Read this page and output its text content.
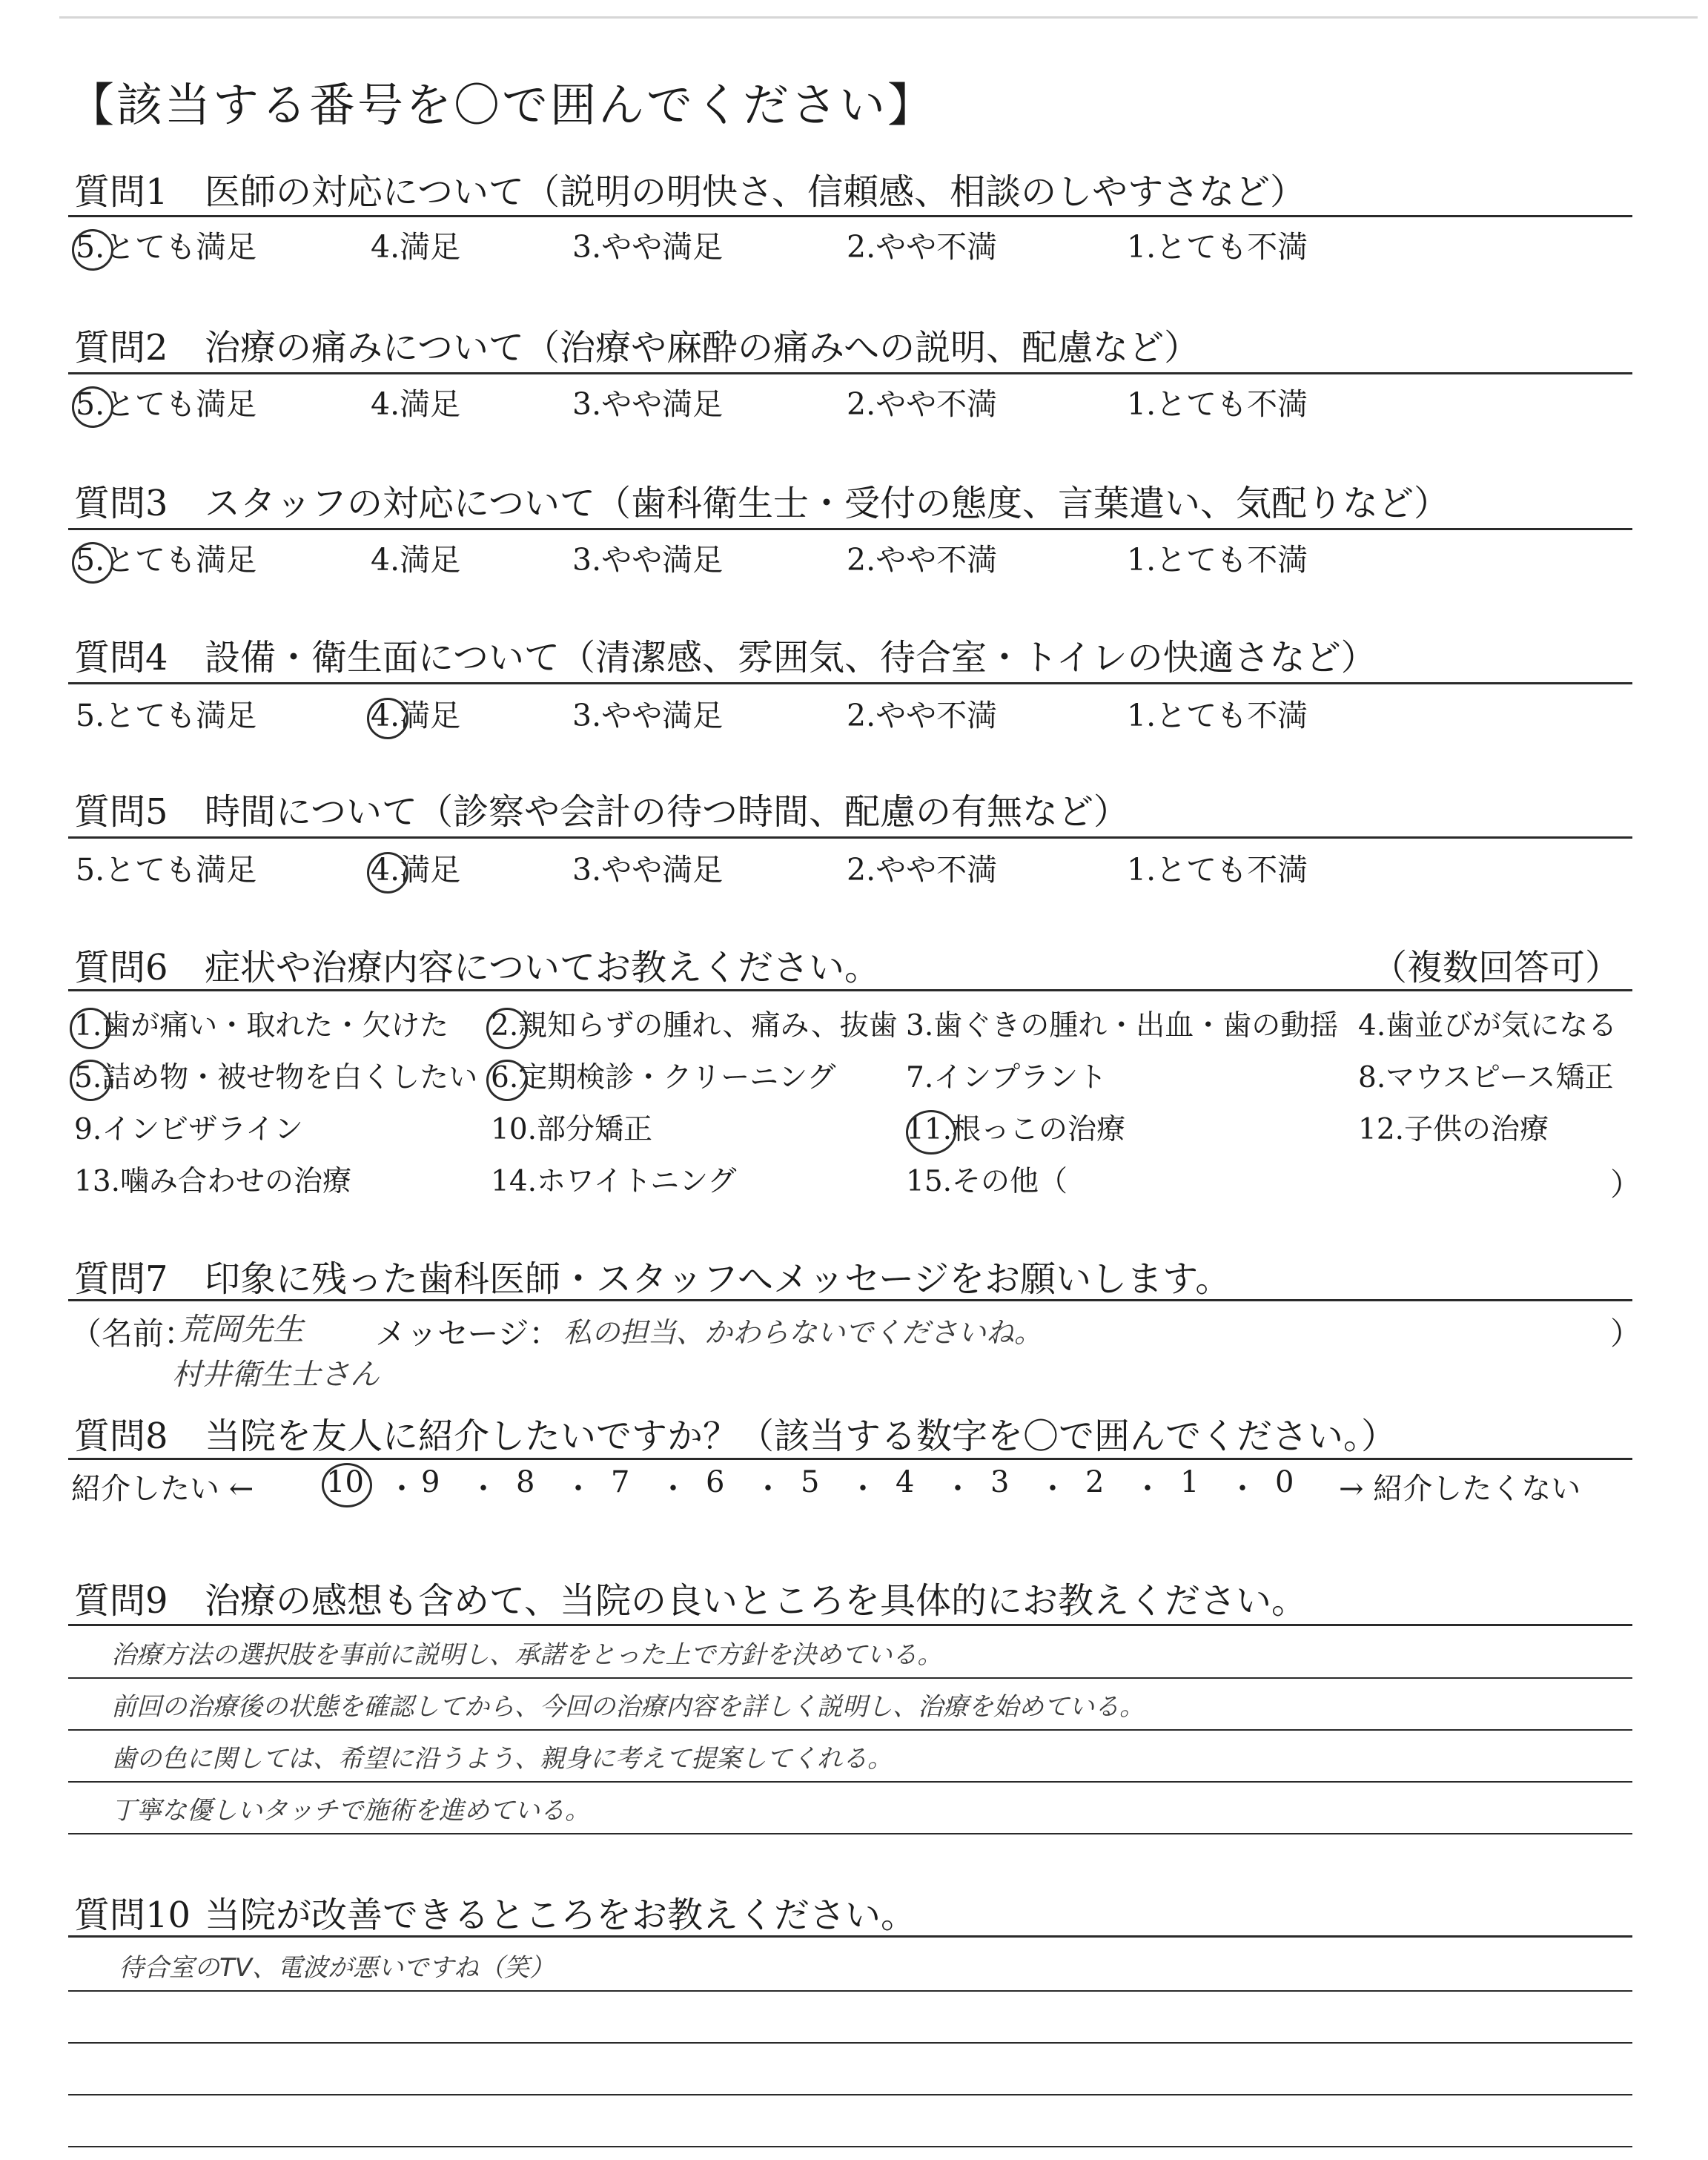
【該当する番号を〇で囲んでください】
質問1 医師の対応について（説明の明快さ、信頼感、相談のしやすさなど）
5.とても満足	4.満足	3.やや満足	2.やや不満	1.とても不満
質問2 治療の痛みについて（治療や麻酔の痛みへの説明、配慮など）
5.とても満足	4.満足	3.やや満足	2.やや不満	1.とても不満
質問3 スタッフの対応について（歯科衛生士・受付の態度、言葉遣い、気配りなど）
5.とても満足	4.満足	3.やや満足	2.やや不満	1.とても不満
質問4 設備・衛生面について（清潔感、雰囲気、待合室・トイレの快適さなど）
5.とても満足	4.満足	3.やや満足	2.やや不満	1.とても不満
質問5 時間について（診察や会計の待つ時間、配慮の有無など）
5.とても満足	4.満足	3.やや満足	2.やや不満	1.とても不満
質問6 症状や治療内容についてお教えください。	（複数回答可）
1.歯が痛い・取れた・欠けた 2.親知らずの腫れ、痛み、抜歯 3.歯ぐきの腫れ・出血・歯の動揺 4.歯並びが気になる
5.詰め物・被せ物を白くしたい 6.定期検診・クリーニング 7.インプラント	8.マウスピース矯正
9.インビザライン	10.部分矯正	11.根っこの治療	12.子供の治療
13.噛み合わせの治療	14.ホワイトニング	15.その他（	）
質問7 印象に残った歯科医師・スタッフへメッセージをお願いします。
（名前：
荒岡先生
村井衛生士さん
メッセージ： 私の担当、かわらないでくださいね。	）
質問8 当院を友人に紹介したいですか？（該当する数字を〇で囲んでください。）
紹介したい ← 10 ・ 9 ・ 8 ・ 7 ・ 6 ・ 5 ・ 4 ・ 3 ・ 2 ・ 1 ・ 0 → 紹介したくない
質問9 治療の感想も含めて、当院の良いところを具体的にお教えください。
治療方法の選択肢を事前に説明し、承諾をとった上で方針を決めている。
前回の治療後の状態を確認してから、今回の治療内容を詳しく説明し、治療を始めている。
歯の色に関しては、希望に沿うよう、親身に考えて提案してくれる。
丁寧な優しいタッチで施術を進めている。
質問10 当院が改善できるところをお教えください。
待合室のTV、電波が悪いですね（笑）
